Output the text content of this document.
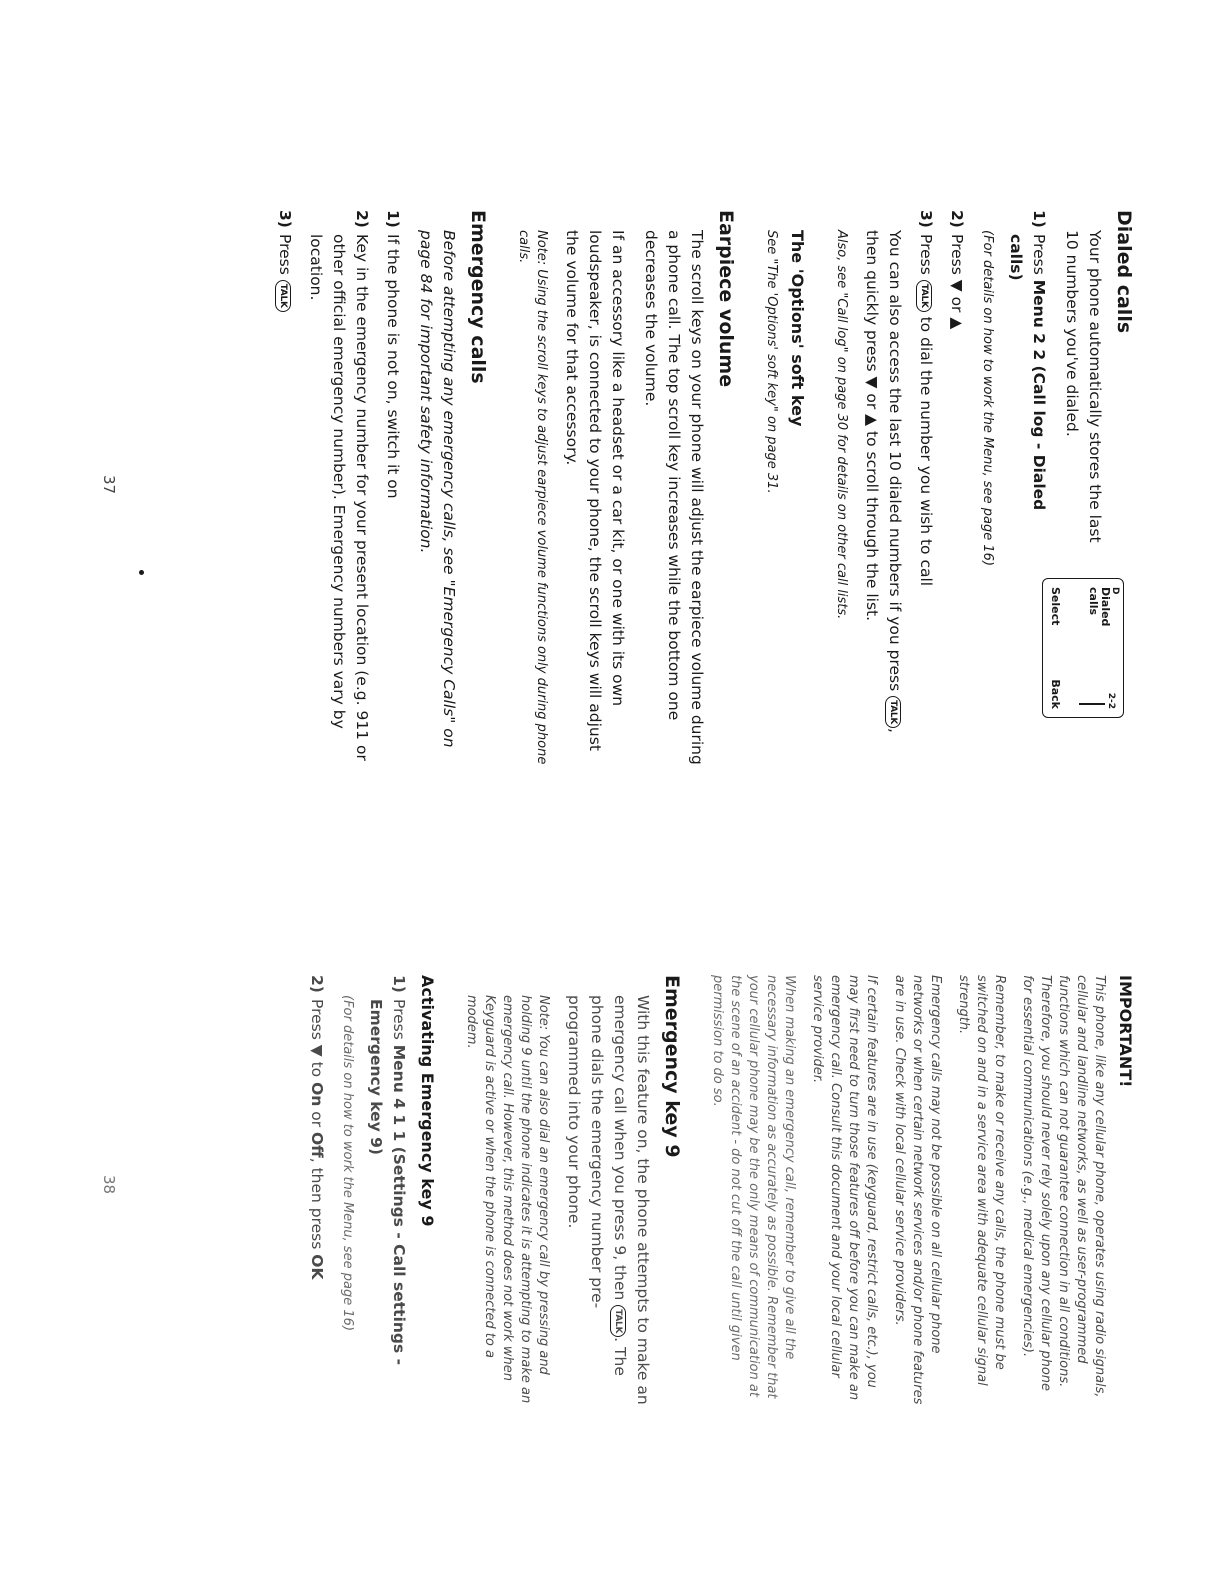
Dialed calls

Your phone automatically stores the last 10 numbers you've dialed.

1)
Press Menu 2 2 (Call log - Dialed calls)

(For details on how to work the Menu, see page 16)

2)
Press ▼ or ▲
3)
Press TALK to dial the number you wish to call

You can also access the last 10 dialed numbers if you press TALK, then quickly press ▼ or ▲ to scroll through the list.

Also, see "Call log" on page 30 for details on other call lists.

The 'Options' soft key

See "The 'Options' soft key" on page 31.

Earpiece volume

The scroll keys on your phone will adjust the earpiece volume during a phone call. The top scroll key increases while the bottom one decreases the volume.

If an accessory like a headset or a car kit, or one with its own loudspeaker, is connected to your phone, the scroll keys will adjust the volume for that accessory.

Note: Using the scroll keys to adjust earpiece volume functions only during phone calls.

Emergency calls

Before attempting any emergency calls, see "Emergency Calls" on page 84 for important safety information.

1)
If the phone is not on, switch it on
2)
Key in the emergency number for your present location (e.g. 911 or other official emergency number). Emergency numbers vary by location.
3)
Press TALK
D
Dialed calls
2-2
Select
Back
37
IMPORTANT!

This phone, like any cellular phone, operates using radio signals, cellular and landline networks, as well as user-programmed functions which can not guarantee connection in all conditions. Therefore, you should never rely solely upon any cellular phone for essential communications (e.g., medical emergencies).

Remember, to make or receive any calls, the phone must be switched on and in a service area with adequate cellular signal strength.

Emergency calls may not be possible on all cellular phone networks or when certain network services and/or phone features are in use. Check with local cellular service providers.

If certain features are in use (keyguard, restrict calls, etc.), you may first need to turn those features off before you can make an emergency call. Consult this document and your local cellular service provider.

When making an emergency call, remember to give all the necessary information as accurately as possible. Remember that your cellular phone may be the only means of communication at the scene of an accident - do not cut off the call until given permission to do so.

Emergency key 9

With this feature on, the phone attempts to make an emergency call when you press 9, then TALK. The phone dials the emergency number pre-programmed into your phone.

Note: You can also dial an emergency call by pressing and holding 9 until the phone indicates it is attempting to make an emergency call. However, this method does not work when Keyguard is active or when the phone is connected to a modem.

Activating Emergency key 9
1)
Press Menu 4 1 1 (Settings - Call settings - Emergency key 9)

(For details on how to work the Menu, see page 16)

2)
Press ▼ to On or Off, then press OK
38
